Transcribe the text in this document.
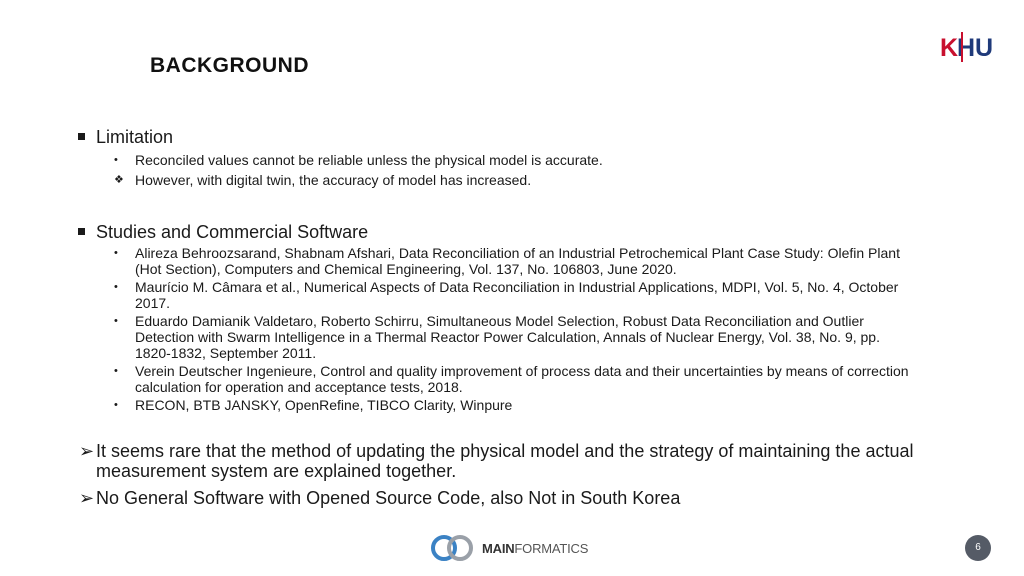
BACKGROUND
K
H U
Limitation
•	Reconciled values cannot be reliable unless the physical model is accurate.
❖ However, with digital twin, the accuracy of model has increased.
Studies and Commercial Software
•	Alireza Behroozsarand, Shabnam Afshari, Data Reconciliation of an Industrial Petrochemical Plant Case Study: Olefin Plant (Hot Section), Computers and Chemical Engineering, Vol. 137, No. 106803, June 2020.
•	Maurício M. Câmara et al., Numerical Aspects of Data Reconciliation in Industrial Applications, MDPI, Vol. 5, No. 4, October 2017.
•	Eduardo Damianik Valdetaro, Roberto Schirru, Simultaneous Model Selection, Robust Data Reconciliation and Outlier Detection with Swarm Intelligence in a Thermal Reactor Power Calculation, Annals of Nuclear Energy, Vol. 38, No. 9, pp. 1820-1832, September 2011.
•	Verein Deutscher Ingenieure, Control and quality improvement of process data and their uncertainties by means of correction calculation for operation and acceptance tests, 2018.
•	RECON, BTB JANSKY, OpenRefine, TIBCO Clarity, Winpure
➢ It seems rare that the method of updating the physical model and the strategy of maintaining the actual measurement system are explained together.
➢ No General Software with Opened Source Code, also Not in South Korea
MAINFORMATICS	6
